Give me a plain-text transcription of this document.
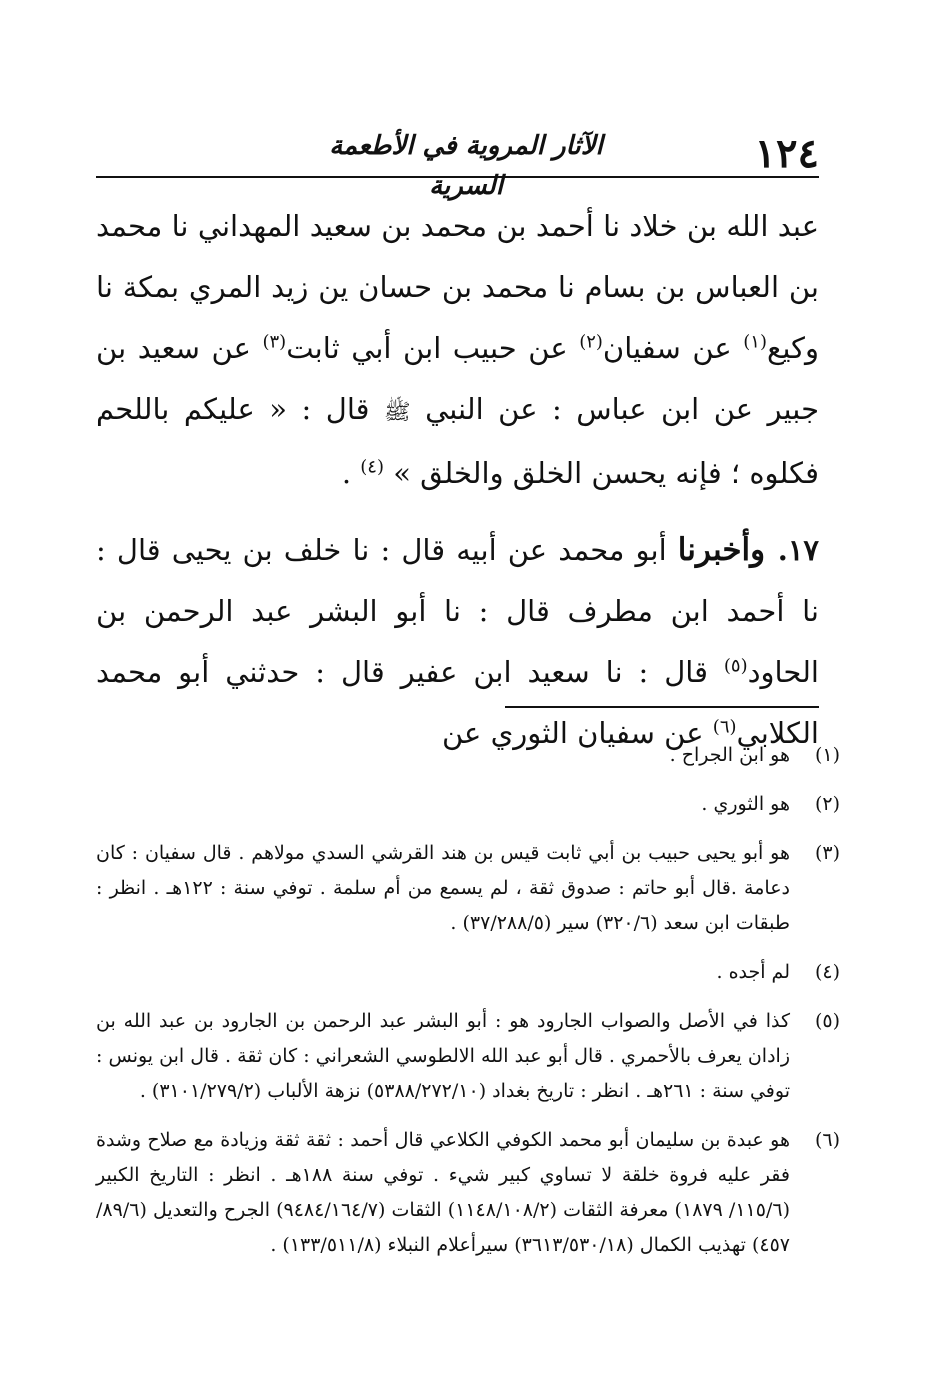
١٢٤
الآثار المروية في الأطعمة السرية

عبد الله بن خلاد نا أحمد بن محمد بن سعيد المهداني نا محمد بن العباس بن بسام نا محمد بن حسان ين زيد المري بمكة نا وكيع$^{(١)}$ عن سفيان$^{(٢)}$ عن حبيب ابن أبي ثابت$^{(٣)}$ عن سعيد بن جبير عن ابن عباس : عن النبي ﷺ قال : « عليكم باللحم فكلوه ؛ فإنه يحسن الخلق والخلق » $^{(٤)}$ .

١٧. وأخبرنا أبو محمد عن أبيه قال : نا خلف بن يحيى قال : نا أحمد ابن مطرف قال : نا أبو البشر عبد الرحمن بن الحاود$^{(٥)}$ قال : نا سعيد ابن عفير قال : حدثني أبو محمد الكلابي$^{(٦)}$ عن سفيان الثوري عن

(١)
هو ابن الجراح .
(٢)
هو الثوري .
(٣)
هو أبو يحيى حبيب بن أبي ثابت قيس بن هند القرشي السدي مولاهم . قال سفيان : كان دعامة .قال أبو حاتم : صدوق ثقة ، لم يسمع من أم سلمة . توفي سنة : ١٢٢هـ . انظر : طبقات ابن سعد (٣٢٠/٦) سير (٣٧/٢٨٨/٥) .
(٤)
لم أجده .
(٥)
كذا في الأصل والصواب الجارود هو : أبو البشر عبد الرحمن بن الجارود بن عبد الله بن زادان يعرف بالأحمري . قال أبو عبد الله الالطوسي الشعراني : كان ثقة . قال ابن يونس : توفي سنة : ٢٦١هـ . انظر : تاريخ بغداد (٥٣٨٨/٢٧٢/١٠) نزهة الألباب (٣١٠١/٢٧٩/٢) .
(٦)
هو عبدة بن سليمان أبو محمد الكوفي الكلاعي قال أحمد : ثقة ثقة وزيادة مع صلاح وشدة فقر عليه فروة خلقة لا تساوي كبير شيء . توفي سنة ١٨٨هـ . انظر : التاريخ الكبير (١١٥/٦/ ١٨٧٩) معرفة الثقات (١١٤٨/١٠٨/٢) الثقات (٩٤٨٤/١٦٤/٧) الجرح والتعديل (٨٩/٦/ ٤٥٧) تهذيب الكمال (٣٦١٣/٥٣٠/١٨) سيرأعلام النبلاء (١٣٣/٥١١/٨) .
